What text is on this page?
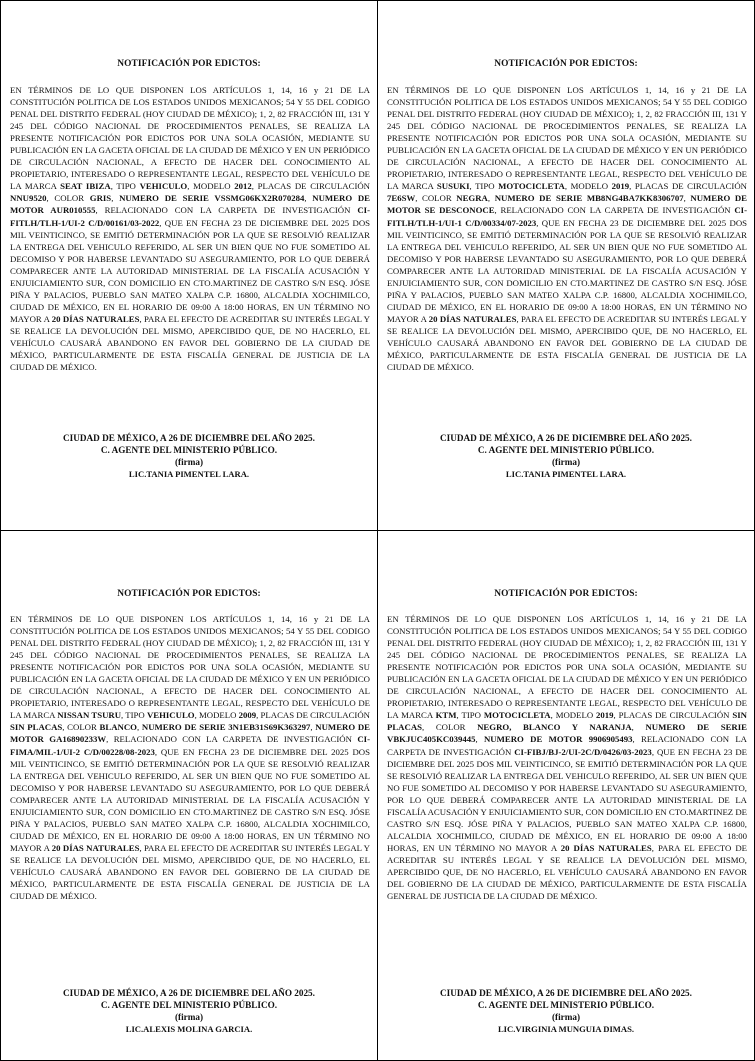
NOTIFICACIÓN POR EDICTOS:
EN TÉRMINOS DE LO QUE DISPONEN LOS ARTÍCULOS 1, 14, 16 y 21 DE LA CONSTITUCIÓN POLITICA DE LOS ESTADOS UNIDOS MEXICANOS; 54 Y 55 DEL CODIGO PENAL DEL DISTRITO FEDERAL (HOY CIUDAD DE MÉXICO); 1, 2, 82 FRACCIÓN III, 131 Y 245 DEL CÓDIGO NACIONAL DE PROCEDIMIENTOS PENALES, SE REALIZA LA PRESENTE NOTIFICACIÓN POR EDICTOS POR UNA SOLA OCASIÓN, MEDIANTE SU PUBLICACIÓN EN LA GACETA OFICIAL DE LA CIUDAD DE MÉXICO Y EN UN PERIÓDICO DE CIRCULACIÓN NACIONAL, A EFECTO DE HACER DEL CONOCIMIENTO AL PROPIETARIO, INTERESADO O REPRESENTANTE LEGAL, RESPECTO DEL VEHÍCULO DE LA MARCA SEAT IBIZA, TIPO VEHICULO, MODELO 2012, PLACAS DE CIRCULACIÓN NNU9520, COLOR GRIS, NUMERO DE SERIE VSSMG06KX2R070284, NUMERO DE MOTOR AUR010555, RELACIONADO CON LA CARPETA DE INVESTIGACIÓN CI-FITLH/TLH-1/UI-2 C/D/00161/03-2022, QUE EN FECHA 23 DE DICIEMBRE DEL 2025 DOS MIL VEINTICINCO, SE EMITIÓ DETERMINACIÓN POR LA QUE SE RESOLVIÓ REALIZAR LA ENTREGA DEL VEHICULO REFERIDO, AL SER UN BIEN QUE NO FUE SOMETIDO AL DECOMISO Y POR HABERSE LEVANTADO SU ASEGURAMIENTO, POR LO QUE DEBERÁ COMPARECER ANTE LA AUTORIDAD MINISTERIAL DE LA FISCALÍA ACUSACIÓN Y ENJUICIAMIENTO SUR, CON DOMICILIO EN CTO.MARTINEZ DE CASTRO S/N ESQ. JÓSE PIÑA Y PALACIOS, PUEBLO SAN MATEO XALPA C.P. 16800, ALCALDIA XOCHIMILCO, CIUDAD DE MÉXICO, EN EL HORARIO DE 09:00 A 18:00 HORAS, EN UN TÉRMINO NO MAYOR A 20 DÍAS NATURALES, PARA EL EFECTO DE ACREDITAR SU INTERÉS LEGAL Y SE REALICE LA DEVOLUCIÓN DEL MISMO, APERCIBIDO QUE, DE NO HACERLO, EL VEHÍCULO CAUSARÁ ABANDONO EN FAVOR DEL GOBIERNO DE LA CIUDAD DE MÉXICO, PARTICULARMENTE DE ESTA FISCALÍA GENERAL DE JUSTICIA DE LA CIUDAD DE MÉXICO.
CIUDAD DE MÉXICO, A 26 DE DICIEMBRE DEL AÑO 2025.
C. AGENTE DEL MINISTERIO PÚBLICO.
(firma)
LIC.TANIA PIMENTEL LARA.
NOTIFICACIÓN POR EDICTOS:
EN TÉRMINOS DE LO QUE DISPONEN LOS ARTÍCULOS 1, 14, 16 y 21 DE LA CONSTITUCIÓN POLITICA DE LOS ESTADOS UNIDOS MEXICANOS; 54 Y 55 DEL CODIGO PENAL DEL DISTRITO FEDERAL (HOY CIUDAD DE MÉXICO); 1, 2, 82 FRACCIÓN III, 131 Y 245 DEL CÓDIGO NACIONAL DE PROCEDIMIENTOS PENALES, SE REALIZA LA PRESENTE NOTIFICACIÓN POR EDICTOS POR UNA SOLA OCASIÓN, MEDIANTE SU PUBLICACIÓN EN LA GACETA OFICIAL DE LA CIUDAD DE MÉXICO Y EN UN PERIÓDICO DE CIRCULACIÓN NACIONAL, A EFECTO DE HACER DEL CONOCIMIENTO AL PROPIETARIO, INTERESADO O REPRESENTANTE LEGAL, RESPECTO DEL VEHÍCULO DE LA MARCA SUSUKI, TIPO MOTOCICLETA, MODELO 2019, PLACAS DE CIRCULACIÓN 7E6SW, COLOR NEGRA, NUMERO DE SERIE MB8NG4BA7KK8306707, NUMERO DE MOTOR SE DESCONOCE, RELACIONADO CON LA CARPETA DE INVESTIGACIÓN CI-FITLH/TLH-1/UI-1 C/D/00334/07-2023, QUE EN FECHA 23 DE DICIEMBRE DEL 2025 DOS MIL VEINTICINCO, SE EMITIÓ DETERMINACIÓN POR LA QUE SE RESOLVIÓ REALIZAR LA ENTREGA DEL VEHICULO REFERIDO, AL SER UN BIEN QUE NO FUE SOMETIDO AL DECOMISO Y POR HABERSE LEVANTADO SU ASEGURAMIENTO, POR LO QUE DEBERÁ COMPARECER ANTE LA AUTORIDAD MINISTERIAL DE LA FISCALÍA ACUSACIÓN Y ENJUICIAMIENTO SUR, CON DOMICILIO EN CTO.MARTINEZ DE CASTRO S/N ESQ. JÓSE PIÑA Y PALACIOS, PUEBLO SAN MATEO XALPA C.P. 16800, ALCALDIA XOCHIMILCO, CIUDAD DE MÉXICO, EN EL HORARIO DE 09:00 A 18:00 HORAS, EN UN TÉRMINO NO MAYOR A 20 DÍAS NATURALES, PARA EL EFECTO DE ACREDITAR SU INTERÉS LEGAL Y SE REALICE LA DEVOLUCIÓN DEL MISMO, APERCIBIDO QUE, DE NO HACERLO, EL VEHÍCULO CAUSARÁ ABANDONO EN FAVOR DEL GOBIERNO DE LA CIUDAD DE MÉXICO, PARTICULARMENTE DE ESTA FISCALÍA GENERAL DE JUSTICIA DE LA CIUDAD DE MÉXICO.
CIUDAD DE MÉXICO, A 26 DE DICIEMBRE DEL AÑO 2025.
C. AGENTE DEL MINISTERIO PÚBLICO.
(firma)
LIC.TANIA PIMENTEL LARA.
NOTIFICACIÓN POR EDICTOS:
EN TÉRMINOS DE LO QUE DISPONEN LOS ARTÍCULOS 1, 14, 16 y 21 DE LA CONSTITUCIÓN POLITICA DE LOS ESTADOS UNIDOS MEXICANOS; 54 Y 55 DEL CODIGO PENAL DEL DISTRITO FEDERAL (HOY CIUDAD DE MÉXICO); 1, 2, 82 FRACCIÓN III, 131 Y 245 DEL CÓDIGO NACIONAL DE PROCEDIMIENTOS PENALES, SE REALIZA LA PRESENTE NOTIFICACIÓN POR EDICTOS POR UNA SOLA OCASIÓN, MEDIANTE SU PUBLICACIÓN EN LA GACETA OFICIAL DE LA CIUDAD DE MÉXICO Y EN UN PERIÓDICO DE CIRCULACIÓN NACIONAL, A EFECTO DE HACER DEL CONOCIMIENTO AL PROPIETARIO, INTERESADO O REPRESENTANTE LEGAL, RESPECTO DEL VEHÍCULO DE LA MARCA NISSAN TSURU, TIPO VEHICULO, MODELO 2009, PLACAS DE CIRCULACIÓN SIN PLACAS, COLOR BLANCO, NUMERO DE SERIE 3N1EB31S69K363297, NUMERO DE MOTOR GA16890233W, RELACIONADO CON LA CARPETA DE INVESTIGACIÓN CI-FIMA/MIL-1/UI-2 C/D/00228/08-2023, QUE EN FECHA 23 DE DICIEMBRE DEL 2025 DOS MIL VEINTICINCO, SE EMITIÓ DETERMINACIÓN POR LA QUE SE RESOLVIÓ REALIZAR LA ENTREGA DEL VEHICULO REFERIDO, AL SER UN BIEN QUE NO FUE SOMETIDO AL DECOMISO Y POR HABERSE LEVANTADO SU ASEGURAMIENTO, POR LO QUE DEBERÁ COMPARECER ANTE LA AUTORIDAD MINISTERIAL DE LA FISCALÍA ACUSACIÓN Y ENJUICIAMIENTO SUR, CON DOMICILIO EN CTO.MARTINEZ DE CASTRO S/N ESQ. JÓSE PIÑA Y PALACIOS, PUEBLO SAN MATEO XALPA C.P. 16800, ALCALDIA XOCHIMILCO, CIUDAD DE MÉXICO, EN EL HORARIO DE 09:00 A 18:00 HORAS, EN UN TÉRMINO NO MAYOR A 20 DÍAS NATURALES, PARA EL EFECTO DE ACREDITAR SU INTERÉS LEGAL Y SE REALICE LA DEVOLUCIÓN DEL MISMO, APERCIBIDO QUE, DE NO HACERLO, EL VEHÍCULO CAUSARÁ ABANDONO EN FAVOR DEL GOBIERNO DE LA CIUDAD DE MÉXICO, PARTICULARMENTE DE ESTA FISCALÍA GENERAL DE JUSTICIA DE LA CIUDAD DE MÉXICO.
CIUDAD DE MÉXICO, A 26 DE DICIEMBRE DEL AÑO 2025.
C. AGENTE DEL MINISTERIO PÚBLICO.
(firma)
LIC.ALEXIS MOLINA GARCIA.
NOTIFICACIÓN POR EDICTOS:
EN TÉRMINOS DE LO QUE DISPONEN LOS ARTÍCULOS 1, 14, 16 y 21 DE LA CONSTITUCIÓN POLITICA DE LOS ESTADOS UNIDOS MEXICANOS; 54 Y 55 DEL CODIGO PENAL DEL DISTRITO FEDERAL (HOY CIUDAD DE MÉXICO); 1, 2, 82 FRACCIÓN III, 131 Y 245 DEL CÓDIGO NACIONAL DE PROCEDIMIENTOS PENALES, SE REALIZA LA PRESENTE NOTIFICACIÓN POR EDICTOS POR UNA SOLA OCASIÓN, MEDIANTE SU PUBLICACIÓN EN LA GACETA OFICIAL DE LA CIUDAD DE MÉXICO Y EN UN PERIÓDICO DE CIRCULACIÓN NACIONAL, A EFECTO DE HACER DEL CONOCIMIENTO AL PROPIETARIO, INTERESADO O REPRESENTANTE LEGAL, RESPECTO DEL VEHÍCULO DE LA MARCA KTM, TIPO MOTOCICLETA, MODELO 2019, PLACAS DE CIRCULACIÓN SIN PLACAS, COLOR NEGRO, BLANCO Y NARANJA, NUMERO DE SERIE VBKJUC405KC039445, NUMERO DE MOTOR 9906905493, RELACIONADO CON LA CARPETA DE INVESTIGACIÓN CI-FIBJ/BJ-2/UI-2C/D/0426/03-2023, QUE EN FECHA 23 DE DICIEMBRE DEL 2025 DOS MIL VEINTICINCO, SE EMITIÓ DETERMINACIÓN POR LA QUE SE RESOLVIÓ REALIZAR LA ENTREGA DEL VEHICULO REFERIDO, AL SER UN BIEN QUE NO FUE SOMETIDO AL DECOMISO Y POR HABERSE LEVANTADO SU ASEGURAMIENTO, POR LO QUE DEBERÁ COMPARECER ANTE LA AUTORIDAD MINISTERIAL DE LA FISCALÍA ACUSACIÓN Y ENJUICIAMIENTO SUR, CON DOMICILIO EN CTO.MARTINEZ DE CASTRO S/N ESQ. JÓSE PIÑA Y PALACIOS, PUEBLO SAN MATEO XALPA C.P. 16800, ALCALDIA XOCHIMILCO, CIUDAD DE MÉXICO, EN EL HORARIO DE 09:00 A 18:00 HORAS, EN UN TÉRMINO NO MAYOR A 20 DÍAS NATURALES, PARA EL EFECTO DE ACREDITAR SU INTERÉS LEGAL Y SE REALICE LA DEVOLUCIÓN DEL MISMO, APERCIBIDO QUE, DE NO HACERLO, EL VEHÍCULO CAUSARÁ ABANDONO EN FAVOR DEL GOBIERNO DE LA CIUDAD DE MÉXICO, PARTICULARMENTE DE ESTA FISCALÍA GENERAL DE JUSTICIA DE LA CIUDAD DE MÉXICO.
CIUDAD DE MÉXICO, A 26 DE DICIEMBRE DEL AÑO 2025.
C. AGENTE DEL MINISTERIO PÚBLICO.
(firma)
LIC.VIRGINIA MUNGUIA DIMAS.
